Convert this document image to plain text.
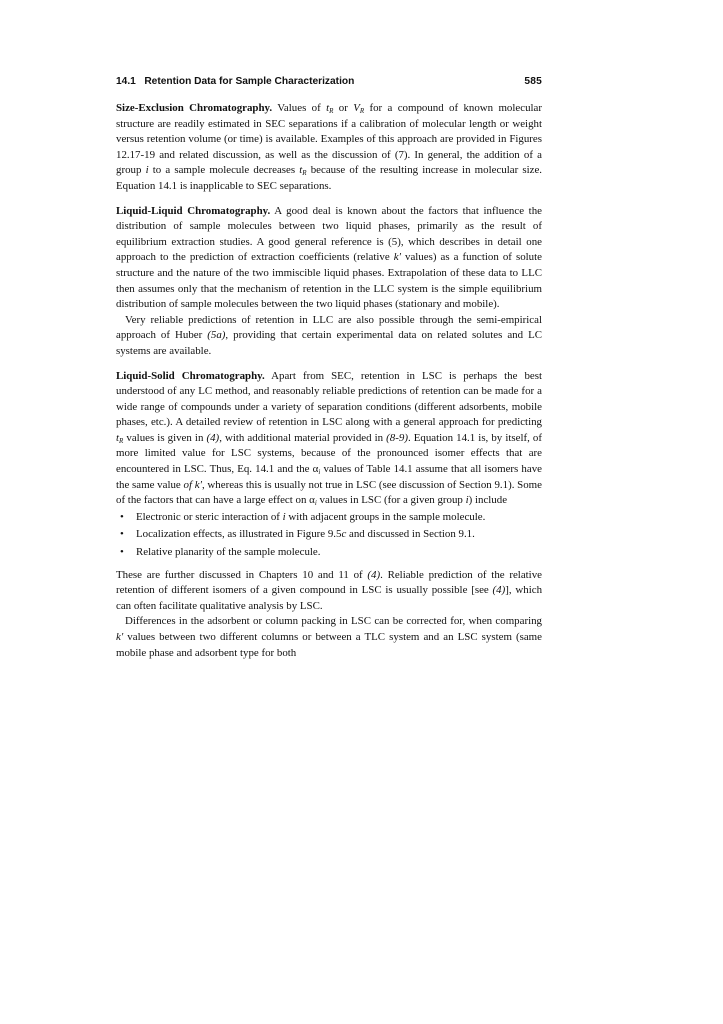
14.1 Retention Data for Sample Characterization	585

Size-Exclusion Chromatography. Values of $t_R$ or $V_R$ for a compound of known molecular structure are readily estimated in SEC separations if a calibration of molecular length or weight versus retention volume (or time) is available. Examples of this approach are provided in Figures 12.17-19 and related discussion, as well as the discussion of (7). In general, the addition of a group i to a sample molecule decreases $t_R$ because of the resulting increase in molecular size. Equation 14.1 is inapplicable to SEC separations.

Liquid-Liquid Chromatography. A good deal is known about the factors that influence the distribution of sample molecules between two liquid phases, primarily as the result of equilibrium extraction studies. A good general reference is (5), which describes in detail one approach to the prediction of extraction coefficients (relative k′ values) as a function of solute structure and the nature of the two immiscible liquid phases. Extrapolation of these data to LLC then assumes only that the mechanism of retention in the LLC system is the simple equilibrium distribution of sample molecules between the two liquid phases (stationary and mobile).

Very reliable predictions of retention in LLC are also possible through the semi-empirical approach of Huber (5a), providing that certain experimental data on related solutes and LC systems are available.

Liquid-Solid Chromatography. Apart from SEC, retention in LSC is perhaps the best understood of any LC method, and reasonably reliable predictions of retention can be made for a wide range of compounds under a variety of separation conditions (different adsorbents, mobile phases, etc.). A detailed review of retention in LSC along with a general approach for predicting $t_R$ values is given in (4), with additional material provided in (8-9). Equation 14.1 is, by itself, of more limited value for LSC systems, because of the pronounced isomer effects that are encountered in LSC. Thus, Eq. 14.1 and the $\alpha_i$ values of Table 14.1 assume that all isomers have the same value of k′, whereas this is usually not true in LSC (see discussion of Section 9.1). Some of the factors that can have a large effect on $\alpha_i$ values in LSC (for a given group i) include

• Electronic or steric interaction of i with adjacent groups in the sample molecule.
• Localization effects, as illustrated in Figure 9.5c and discussed in Section 9.1.
• Relative planarity of the sample molecule.

These are further discussed in Chapters 10 and 11 of (4). Reliable prediction of the relative retention of different isomers of a given compound in LSC is usually possible [see (4)], which can often facilitate qualitative analysis by LSC.

Differences in the adsorbent or column packing in LSC can be corrected for, when comparing k′ values between two different columns or between a TLC system and an LSC system (same mobile phase and adsorbent type for both
